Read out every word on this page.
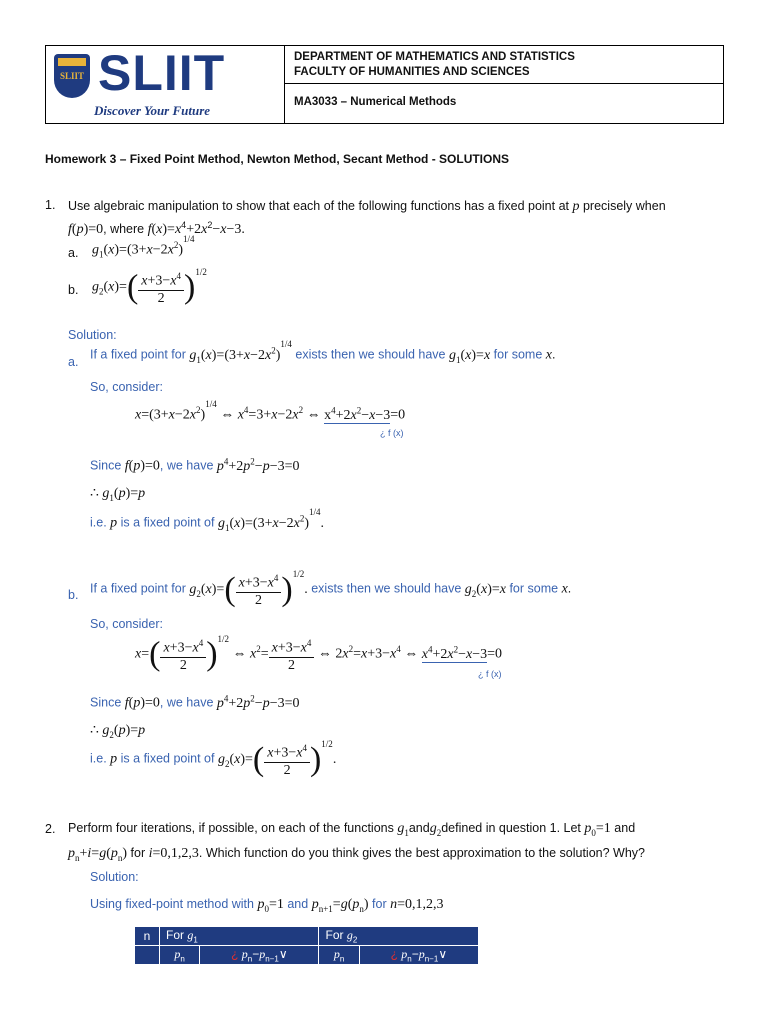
SLIIT SLIIT
Discover Your Future
DEPARTMENT OF MATHEMATICS AND STATISTICS
FACULTY OF HUMANITIES AND SCIENCES
MA3033 – Numerical Methods
Homework 3 – Fixed Point Method, Newton Method, Secant Method - SOLUTIONS
1. Use algebraic manipulation to show that each of the following functions has a fixed point at p precisely when
f(p)=0, where $f(x)=x^4+2x^2-x-3$.
a. $g_1(x)=(3+x-2x^2)^{1/4}$
b. $g_2(x)=( \frac{x+3-x^4}{2} )^{1/2}$
Solution:
a.
If a fixed point for $g_1(x)=(3+x-2x^2)^{1/4}$ exists then we should have $g_1(x)=x$ for some x.
So, consider:
$x=(3+x-2x^2)^{1/4}$ ⇔ $x^4=3+x-2x^2$ ⇔ $x^4+2x^2-x-3=0$
¿ f (x)
Since f(p)=0, we have $p^4+2p^2-p-3=0$
∴ $g_1(p)=p$
i.e. p is a fixed point of $g_1(x)=(3+x-2x^2)^{1/4}$.
b. If a fixed point for $g_2(x)=( \frac{x+3-x^4}{2} )^{1/2}$. exists then we should have $g_2(x)=x$ for some x.
So, consider:
$x=( \frac{x+3-x^4}{2} )^{1/2}$ ⇔ $x^2= \frac{x+3-x^4}{2}$ ⇔ $2x^2=x+3-x^4$ ⇔ $x^4+2x^2-x-3=0$
¿ f (x)
Since f(p)=0, we have $p^4+2p^2-p-3=0$
∴ $g_2(p)=p$
i.e. p is a fixed point of $g_2(x)=( \frac{x+3-x^4}{2} )^{1/2}$.
2. Perform four iterations, if possible, on each of the functions $g_1andg_2defined$ in question 1. Let $p_0=1$ and
$p_n+i=g(p_n)$ for i=0,1,2,3. Which function do you think gives the best approximation to the solution? Why?
Solution:
Using fixed-point method with $p_0=1$ and $p_{n+1}=g(p_n)$ for n=0,1,2,3
n	For $g_1$		For $g_2$
	$p_n$	¿ $p_n-p_{n-1}\vee$	$p_n$	¿ $p_n-p_{n-1}\vee$
